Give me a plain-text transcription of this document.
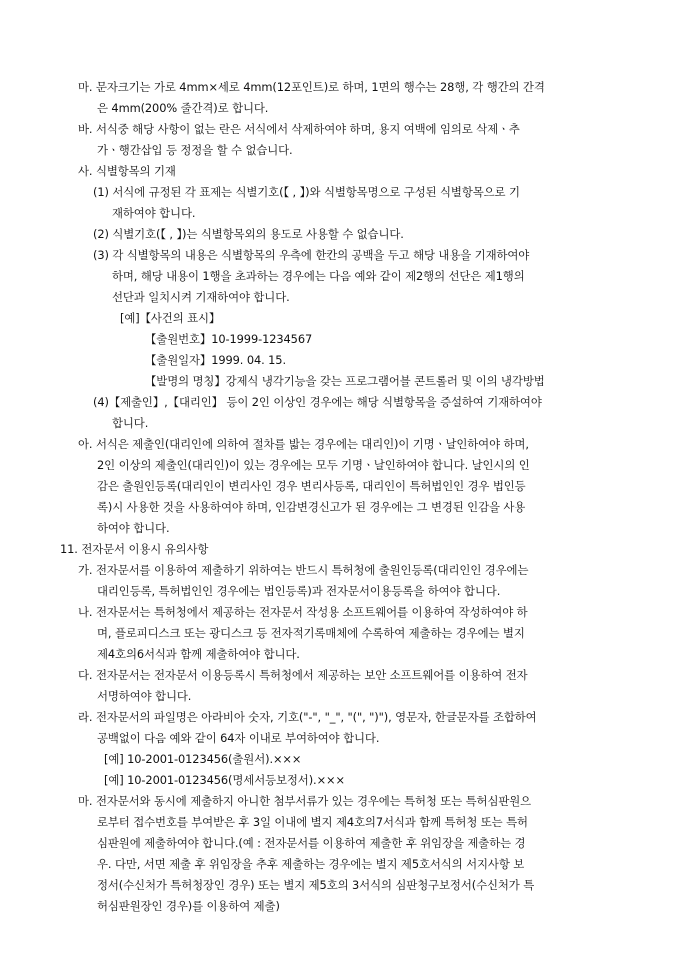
마. 문자크기는 가로 4mm×세로 4mm(12포인트)로 하며, 1면의 행수는 28행, 각 행간의 간격
은 4mm(200% 줄간격)로 합니다.
바. 서식중 해당 사항이 없는 란은 서식에서 삭제하여야 하며, 용지 여백에 임의로 삭제ㆍ추
가ㆍ행간삽입 등 정정을 할 수 없습니다.
사. 식별항목의 기재
(1) 서식에 규정된 각 표제는 식별기호(【 , 】)와 식별항목명으로 구성된 식별항목으로 기
재하여야 합니다.
(2) 식별기호(【 , 】)는 식별항목외의 용도로 사용할 수 없습니다.
(3) 각 식별항목의 내용은 식별항목의 우측에 한칸의 공백을 두고 해당 내용을 기재하여야
하며, 해당 내용이 1행을 초과하는 경우에는 다음 예와 같이 제2행의 선단은 제1행의
선단과 일치시켜 기재하여야 합니다.
[예]【사건의 표시】
【출원번호】10-1999-1234567
【출원일자】1999. 04. 15.
【발명의 명칭】강제식 냉각기능을 갖는 프로그램어블 콘트롤러 및 이의 냉각방법
(4)【제출인】,【대리인】 등이 2인 이상인 경우에는 해당 식별항목을 증설하여 기재하여야
합니다.
아. 서식은 제출인(대리인에 의하여 절차를 밟는 경우에는 대리인)이 기명ㆍ날인하여야 하며,
2인 이상의 제출인(대리인)이 있는 경우에는 모두 기명ㆍ날인하여야 합니다. 날인시의 인
감은 출원인등록(대리인이 변리사인 경우 변리사등록, 대리인이 특허법인인 경우 법인등
록)시 사용한 것을 사용하여야 하며, 인감변경신고가 된 경우에는 그 변경된 인감을 사용
하여야 합니다.
11. 전자문서 이용시 유의사항
가. 전자문서를 이용하여 제출하기 위하여는 반드시 특허청에 출원인등록(대리인인 경우에는
대리인등록, 특허법인인 경우에는 법인등록)과 전자문서이용등록을 하여야 합니다.
나. 전자문서는 특허청에서 제공하는 전자문서 작성용 소프트웨어를 이용하여 작성하여야 하
며, 플로피디스크 또는 광디스크 등 전자적기록매체에 수록하여 제출하는 경우에는 별지
제4호의6서식과 함께 제출하여야 합니다.
다. 전자문서는 전자문서 이용등록시 특허청에서 제공하는 보안 소프트웨어를 이용하여 전자
서명하여야 합니다.
라. 전자문서의 파일명은 아라비아 숫자, 기호("-", "_", "(", ")"), 영문자, 한글문자를 조합하여
공백없이 다음 예와 같이 64자 이내로 부여하여야 합니다.
[예] 10-2001-0123456(출원서).×××
[예] 10-2001-0123456(명세서등보정서).×××
마. 전자문서와 동시에 제출하지 아니한 첨부서류가 있는 경우에는 특허청 또는 특허심판원으
로부터 접수번호를 부여받은 후 3일 이내에 별지 제4호의7서식과 함께 특허청 또는 특허
심판원에 제출하여야 합니다.(예 : 전자문서를 이용하여 제출한 후 위임장을 제출하는 경
우. 다만, 서면 제출 후 위임장을 추후 제출하는 경우에는 별지 제5호서식의 서지사항 보
정서(수신처가 특허청장인 경우) 또는 별지 제5호의 3서식의 심판청구보정서(수신처가 특
허심판원장인 경우)를 이용하여 제출)
